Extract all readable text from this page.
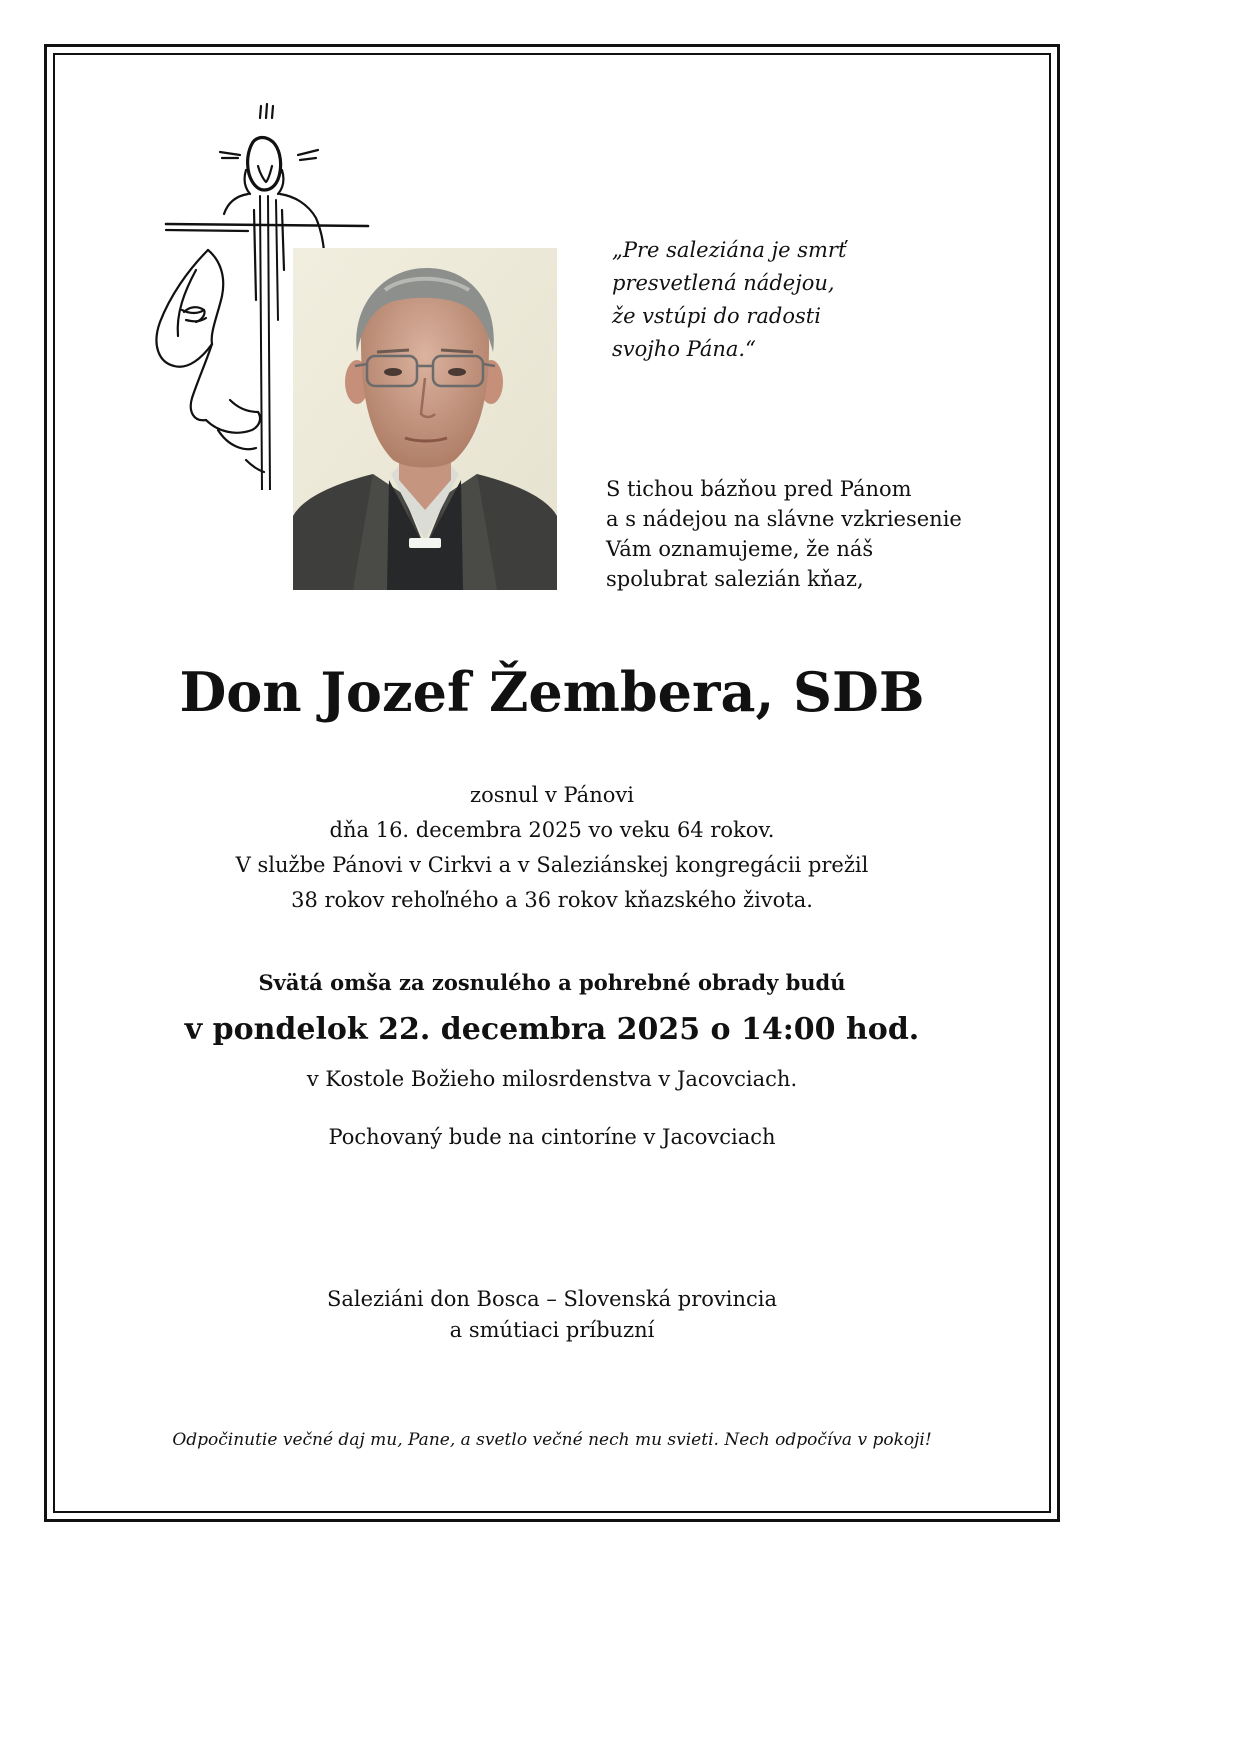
„Pre saleziána je smrť
presvetlená nádejou,
že vstúpi do radosti
svojho Pána.“
S tichou bázňou pred Pánom
a s nádejou na slávne vzkriesenie
Vám oznamujeme, že náš
spolubrat salezián kňaz,
Don Jozef Žembera, SDB
zosnul v Pánovi
dňa 16. decembra 2025 vo veku 64 rokov.
V službe Pánovi v Cirkvi a v Saleziánskej kongregácii prežil
38 rokov rehoľného a 36 rokov kňazského života.
Svätá omša za zosnulého a pohrebné obrady budú
v pondelok 22. decembra 2025 o 14:00 hod.
v Kostole Božieho milosrdenstva v Jacovciach.
Pochovaný bude na cintoríne v Jacovciach
Saleziáni don Bosca – Slovenská provincia
a smútiaci príbuzní
Odpočinutie večné daj mu, Pane, a svetlo večné nech mu svieti. Nech odpočíva v pokoji!
